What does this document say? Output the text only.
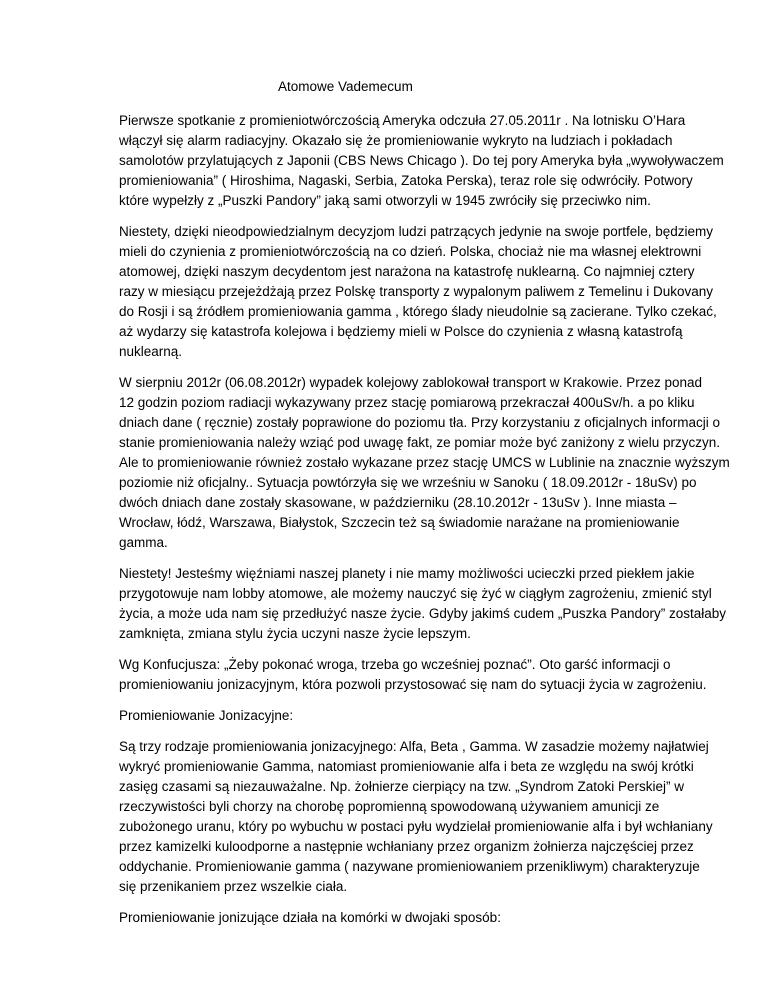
Atomowe Vademecum
Pierwsze spotkanie z promieniotwórczością Ameryka odczuła 27.05.2011r . Na lotnisku O’Hara
włączył się alarm radiacyjny. Okazało się że promieniowanie wykryto na ludziach i pokładach
samolotów przylatujących z Japonii (CBS News Chicago ). Do tej pory Ameryka była „wywoływaczem
promieniowania” ( Hiroshima, Nagaski, Serbia, Zatoka Perska), teraz role się odwróciły. Potwory
które wypełzły z „Puszki Pandory” jaką sami otworzyli w 1945 zwróciły się przeciwko nim.
Niestety, dzięki nieodpowiedzialnym decyzjom ludzi patrzących jedynie na swoje portfele, będziemy
mieli do czynienia z promieniotwórczością na co dzień. Polska, chociaż nie ma własnej elektrowni
atomowej, dzięki naszym decydentom jest narażona na katastrofę nuklearną. Co najmniej cztery
razy w miesiącu przejeżdżają przez Polskę transporty z wypalonym paliwem z Temelinu i Dukovany
do Rosji i są źródłem promieniowania gamma , którego ślady nieudolnie są zacierane. Tylko czekać,
aż wydarzy się katastrofa kolejowa i będziemy mieli w Polsce do czynienia z własną katastrofą
nuklearną.
W sierpniu 2012r (06.08.2012r) wypadek kolejowy zablokował transport w Krakowie. Przez ponad
12 godzin poziom radiacji wykazywany przez stację pomiarową przekraczał 400uSv/h. a po kliku
dniach dane ( ręcznie) zostały poprawione do poziomu tła. Przy korzystaniu z oficjalnych informacji o
stanie promieniowania należy wziąć pod uwagę fakt, ze pomiar może być zaniżony z wielu przyczyn.
Ale to promieniowanie również zostało wykazane przez stację UMCS w Lublinie na znacznie wyższym
poziomie niż oficjalny.. Sytuacja powtórzyła się we wrześniu w Sanoku ( 18.09.2012r - 18uSv) po
dwóch dniach dane zostały skasowane, w październiku (28.10.2012r - 13uSv ). Inne miasta –
Wrocław, łódź, Warszawa, Białystok, Szczecin też są świadomie narażane na promieniowanie
gamma.
Niestety! Jesteśmy więźniami naszej planety i nie mamy możliwości ucieczki przed piekłem jakie
przygotowuje nam lobby atomowe, ale możemy nauczyć się żyć w ciągłym zagrożeniu, zmienić styl
życia, a może uda nam się przedłużyć nasze życie. Gdyby jakimś cudem „Puszka Pandory” zostałaby
zamknięta, zmiana stylu życia uczyni nasze życie lepszym.
Wg Konfucjusza: „Żeby pokonać wroga, trzeba go wcześniej poznać”. Oto garść informacji o
promieniowaniu jonizacyjnym, która pozwoli przystosować się nam do sytuacji życia w zagrożeniu.
Promieniowanie Jonizacyjne:
Są trzy rodzaje promieniowania jonizacyjnego: Alfa, Beta , Gamma. W zasadzie możemy najłatwiej
wykryć promieniowanie Gamma, natomiast promieniowanie alfa i beta ze względu na swój krótki
zasięg czasami są niezauważalne. Np. żołnierze cierpiący na tzw. „Syndrom Zatoki Perskiej” w
rzeczywistości byli chorzy na chorobę popromienną spowodowaną używaniem amunicji ze
zubożonego uranu, który po wybuchu w postaci pyłu wydzielał promieniowanie alfa i był wchłaniany
przez kamizelki kuloodporne a następnie wchłaniany przez organizm żołnierza najczęściej przez
oddychanie. Promieniowanie gamma ( nazywane promieniowaniem przenikliwym) charakteryzuje
się przenikaniem przez wszelkie ciała.
Promieniowanie jonizujące działa na komórki w dwojaki sposób:
